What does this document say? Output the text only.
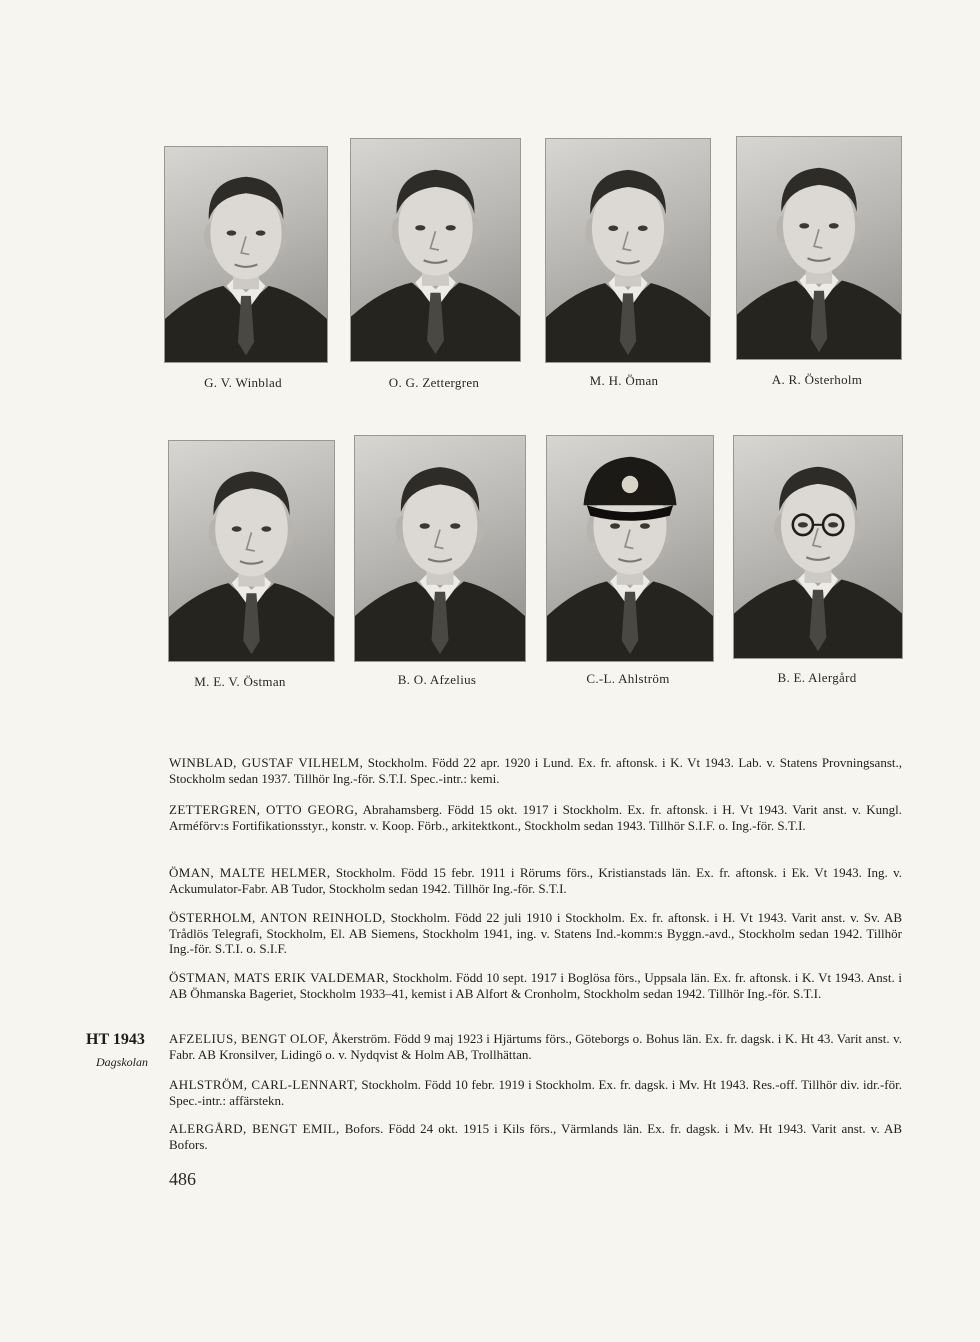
G. V. Winblad	O. G. Zettergren	M. H. Öman	A. R. Österholm
M. E. V. Östman	B. O. Afzelius	C.-L. Ahlström	B. E. Alergård
WINBLAD, GUSTAF VILHELM, Stockholm. Född 22 apr. 1920 i Lund. Ex. fr. aftonsk. i K. Vt 1943. Lab. v. Statens Provningsanst., Stockholm sedan 1937. Tillhör Ing.-för. S.T.I. Spec.-intr.: kemi.
ZETTERGREN, OTTO GEORG, Abrahamsberg. Född 15 okt. 1917 i Stockholm. Ex. fr. aftonsk. i H. Vt 1943. Varit anst. v. Kungl. Arméförv:s Fortifikationsstyr., konstr. v. Koop. Förb., arkitektkont., Stockholm sedan 1943. Tillhör S.I.F. o. Ing.-för. S.T.I.
ÖMAN, MALTE HELMER, Stockholm. Född 15 febr. 1911 i Rörums förs., Kristianstads län. Ex. fr. aftonsk. i Ek. Vt 1943. Ing. v. Ackumulator-Fabr. AB Tudor, Stockholm sedan 1942. Tillhör Ing.-för. S.T.I.
ÖSTERHOLM, ANTON REINHOLD, Stockholm. Född 22 juli 1910 i Stockholm. Ex. fr. aftonsk. i H. Vt 1943. Varit anst. v. Sv. AB Trådlös Telegrafi, Stockholm, El. AB Siemens, Stockholm 1941, ing. v. Statens Ind.-komm:s Byggn.-avd., Stockholm sedan 1942. Tillhör Ing.-för. S.T.I. o. S.I.F.
ÖSTMAN, MATS ERIK VALDEMAR, Stockholm. Född 10 sept. 1917 i Boglösa förs., Uppsala län. Ex. fr. aftonsk. i K. Vt 1943. Anst. i AB Öhmanska Bageriet, Stockholm 1933–41, kemist i AB Alfort & Cronholm, Stockholm sedan 1942. Tillhör Ing.-för. S.T.I.
AFZELIUS, BENGT OLOF, Åkerström. Född 9 maj 1923 i Hjärtums förs., Göteborgs o. Bohus län. Ex. fr. dagsk. i K. Ht 43. Varit anst. v. Fabr. AB Kronsilver, Lidingö o. v. Nydqvist & Holm AB, Trollhättan.
AHLSTRÖM, CARL-LENNART, Stockholm. Född 10 febr. 1919 i Stockholm. Ex. fr. dagsk. i Mv. Ht 1943. Res.-off. Tillhör div. idr.-för. Spec.-intr.: affärstekn.
ALERGÅRD, BENGT EMIL, Bofors. Född 24 okt. 1915 i Kils förs., Värmlands län. Ex. fr. dagsk. i Mv. Ht 1943. Varit anst. v. AB Bofors.
HT 1943
Dagskolan
486
